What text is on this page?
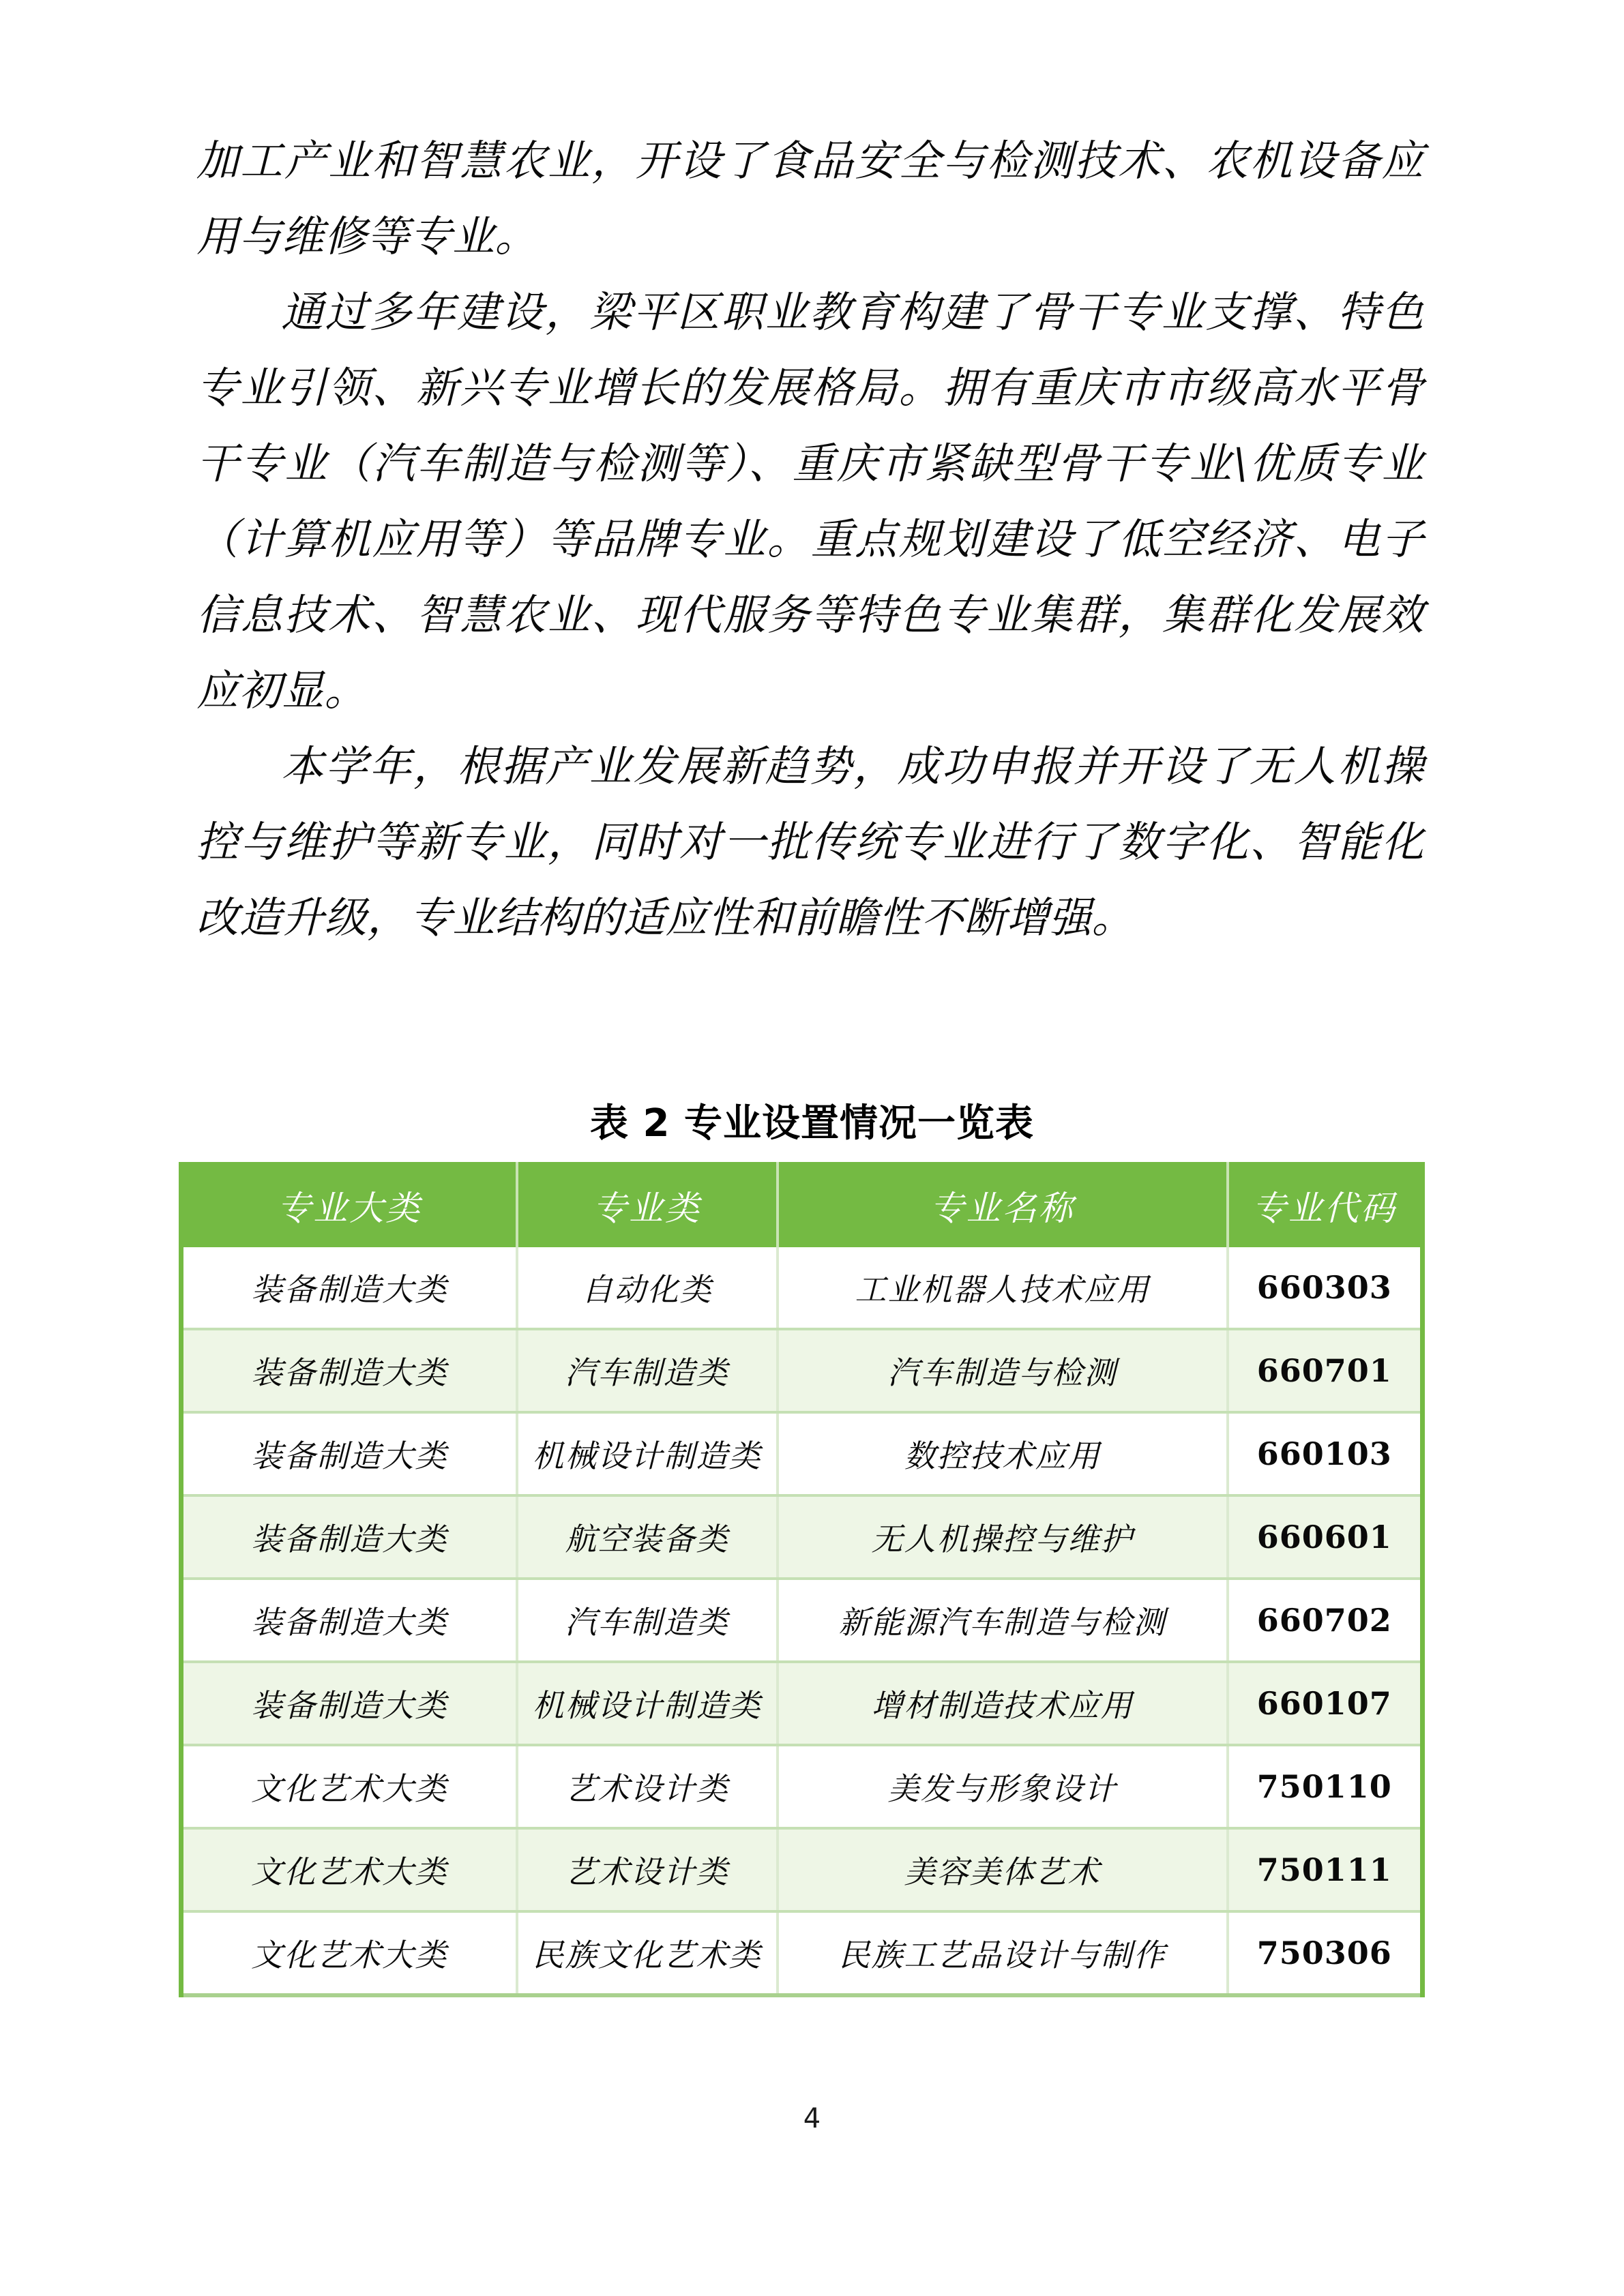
加工产业和智慧农业，开设了食品安全与检测技术、农机设备应用与维修等专业。

通过多年建设，梁平区职业教育构建了骨干专业支撑、特色专业引领、新兴专业增长的发展格局。拥有重庆市市级高水平骨干专业（汽车制造与检测等）、重庆市紧缺型骨干专业\优质专业（计算机应用等）等品牌专业。重点规划建设了低空经济、电子信息技术、智慧农业、现代服务等特色专业集群，集群化发展效应初显。

本学年，根据产业发展新趋势，成功申报并开设了无人机操控与维护等新专业，同时对一批传统专业进行了数字化、智能化改造升级，专业结构的适应性和前瞻性不断增强。

表 2 专业设置情况一览表
专业大类	专业类	专业名称	专业代码
装备制造大类	自动化类	工业机器人技术应用	660303
装备制造大类	汽车制造类	汽车制造与检测	660701
装备制造大类	机械设计制造类	数控技术应用	660103
装备制造大类	航空装备类	无人机操控与维护	660601
装备制造大类	汽车制造类	新能源汽车制造与检测	660702
装备制造大类	机械设计制造类	增材制造技术应用	660107
文化艺术大类	艺术设计类	美发与形象设计	750110
文化艺术大类	艺术设计类	美容美体艺术	750111
文化艺术大类	民族文化艺术类	民族工艺品设计与制作	750306
4
